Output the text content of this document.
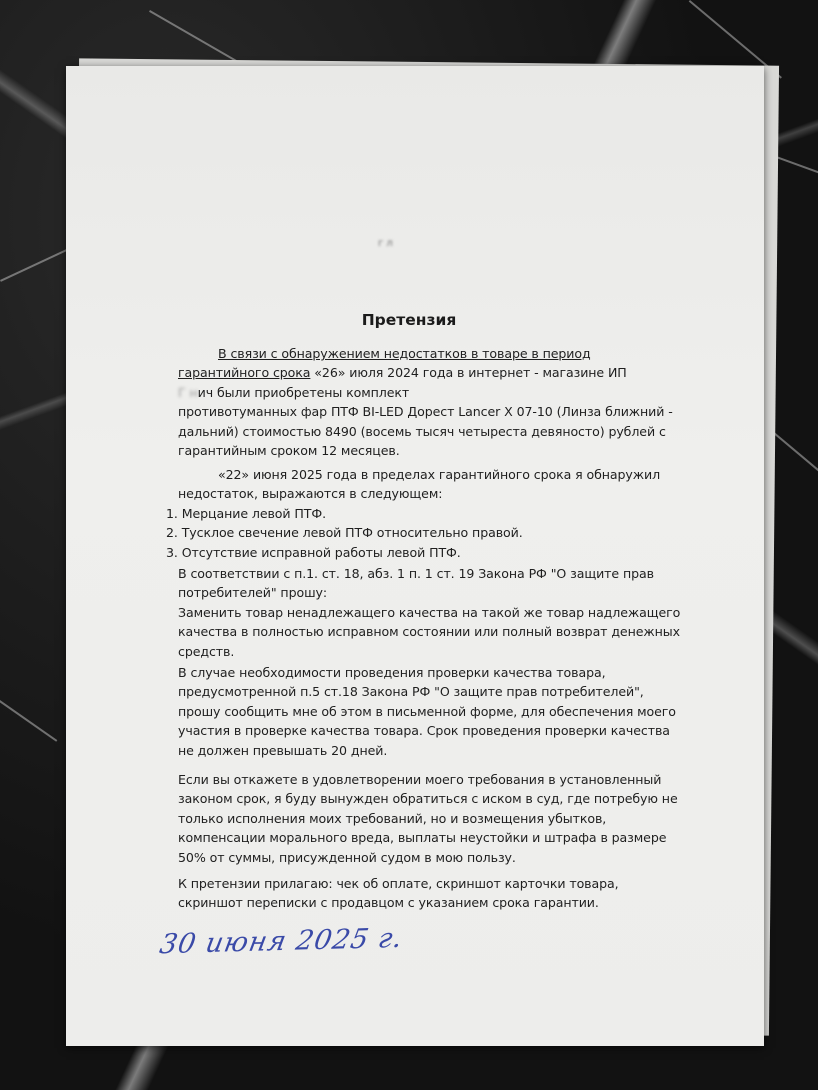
г л
Претензия
В связи с обнаружением недостатков в товаре в период
гарантийного срока «26» июля 2024 года в интернет - магазине ИП
Г нич были приобретены комплект
противотуманных фар ПТФ BI-LED Дорест Lancer X 07-10 (Линза ближний -
дальний) стоимостью 8490 (восемь тысяч четыреста девяносто) рублей с
гарантийным сроком 12 месяцев.
«22» июня 2025 года в пределах гарантийного срока я обнаружил
недостаток, выражаются в следующем:
1. Мерцание левой ПТФ.
2. Тусклое свечение левой ПТФ относительно правой.
3. Отсутствие исправной работы левой ПТФ.
В соответствии с п.1. ст. 18, абз. 1 п. 1 ст. 19 Закона РФ "О защите прав
потребителей" прошу:
Заменить товар ненадлежащего качества на такой же товар надлежащего
качества в полностью исправном состоянии или полный возврат денежных
средств.
В случае необходимости проведения проверки качества товара,
предусмотренной п.5 ст.18 Закона РФ "О защите прав потребителей",
прошу сообщить мне об этом в письменной форме, для обеспечения моего
участия в проверке качества товара. Срок проведения проверки качества
не должен превышать 20 дней.
Если вы откажете в удовлетворении моего требования в установленный
законом срок, я буду вынужден обратиться с иском в суд, где потребую не
только исполнения моих требований, но и возмещения убытков,
компенсации морального вреда, выплаты неустойки и штрафа в размере
50% от суммы, присужденной судом в мою пользу.
К претензии прилагаю: чек об оплате, скриншот карточки товара,
скриншот переписки с продавцом с указанием срока гарантии.
30 июня 2025 г.
